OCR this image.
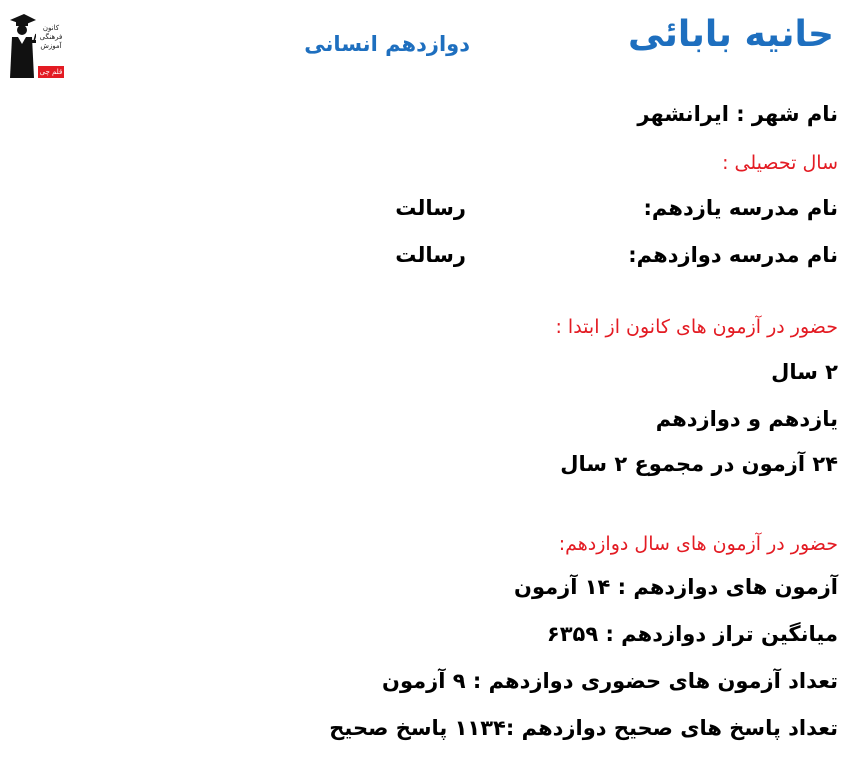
حانیه بابائی
دوازدهم انسانی
کانون
فرهنگی
آموزش
قلم چی
نام شهر : ایرانشهر
سال تحصیلی :
نام مدرسه یازدهم:
رسالت
نام مدرسه دوازدهم:
رسالت
حضور در آزمون های کانون از ابتدا :
۲ سال
یازدهم و دوازدهم
۲۴ آزمون در مجموع ۲ سال
حضور در آزمون های سال دوازدهم:
آزمون های دوازدهم : ۱۴ آزمون
میانگین تراز دوازدهم : ۶۳۵۹
تعداد آزمون های حضوری دوازدهم : ۹ آزمون
تعداد پاسخ های صحیح دوازدهم :۱۱۳۴ پاسخ صحیح
